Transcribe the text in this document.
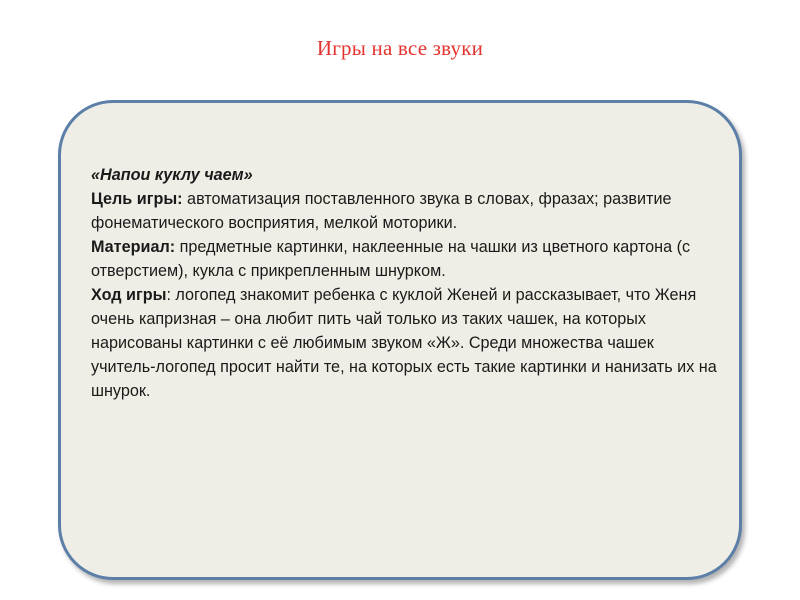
Игры на все звуки

«Напои куклу чаем»

Цель игры: автоматизация поставленного звука в словах, фразах; развитие фонематического восприятия, мелкой моторики.

Материал: предметные картинки, наклеенные на чашки из цветного картона (с отверстием), кукла с прикрепленным шнурком.

Ход игры: логопед знакомит ребенка с куклой Женей и рассказывает, что Женя очень капризная – она любит пить чай только из таких чашек, на которых нарисованы картинки с её любимым звуком «Ж». Среди множества чашек учитель-логопед просит найти те, на которых есть такие картинки и нанизать их на шнурок.
